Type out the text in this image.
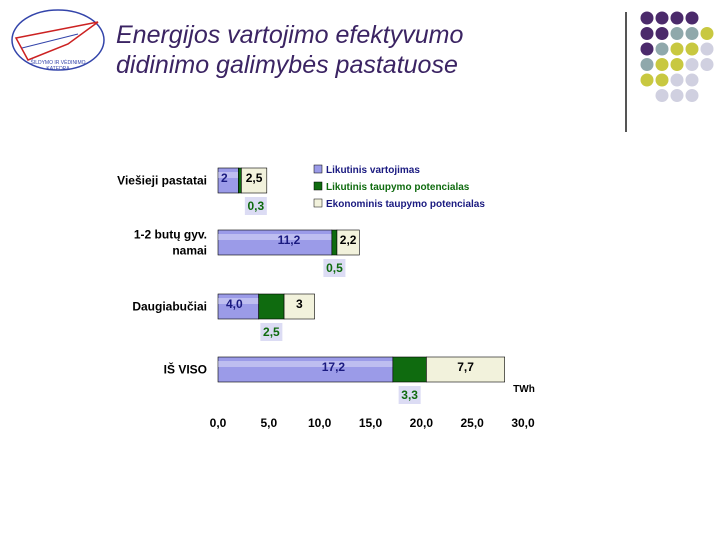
ŠILDYMO IR VĖDINIMO
KATEDRA
Energijos vartojimo efektyvumo
didinimo galimybės pastatuose
Viešieji pastatai 2 2,5
0,3
1-2 butų gyv.
namai
11,2	2,2
0,5
Daugiabučiai 4,0	3
2,5
IŠ VISO	17,2	7,7
3,3
0,0	5,0	10,0 15,0 20,0 25,0 30,0
TWh
Likutinis vartojimas
Likutinis taupymo potencialas
Ekonominis taupymo potencialas
